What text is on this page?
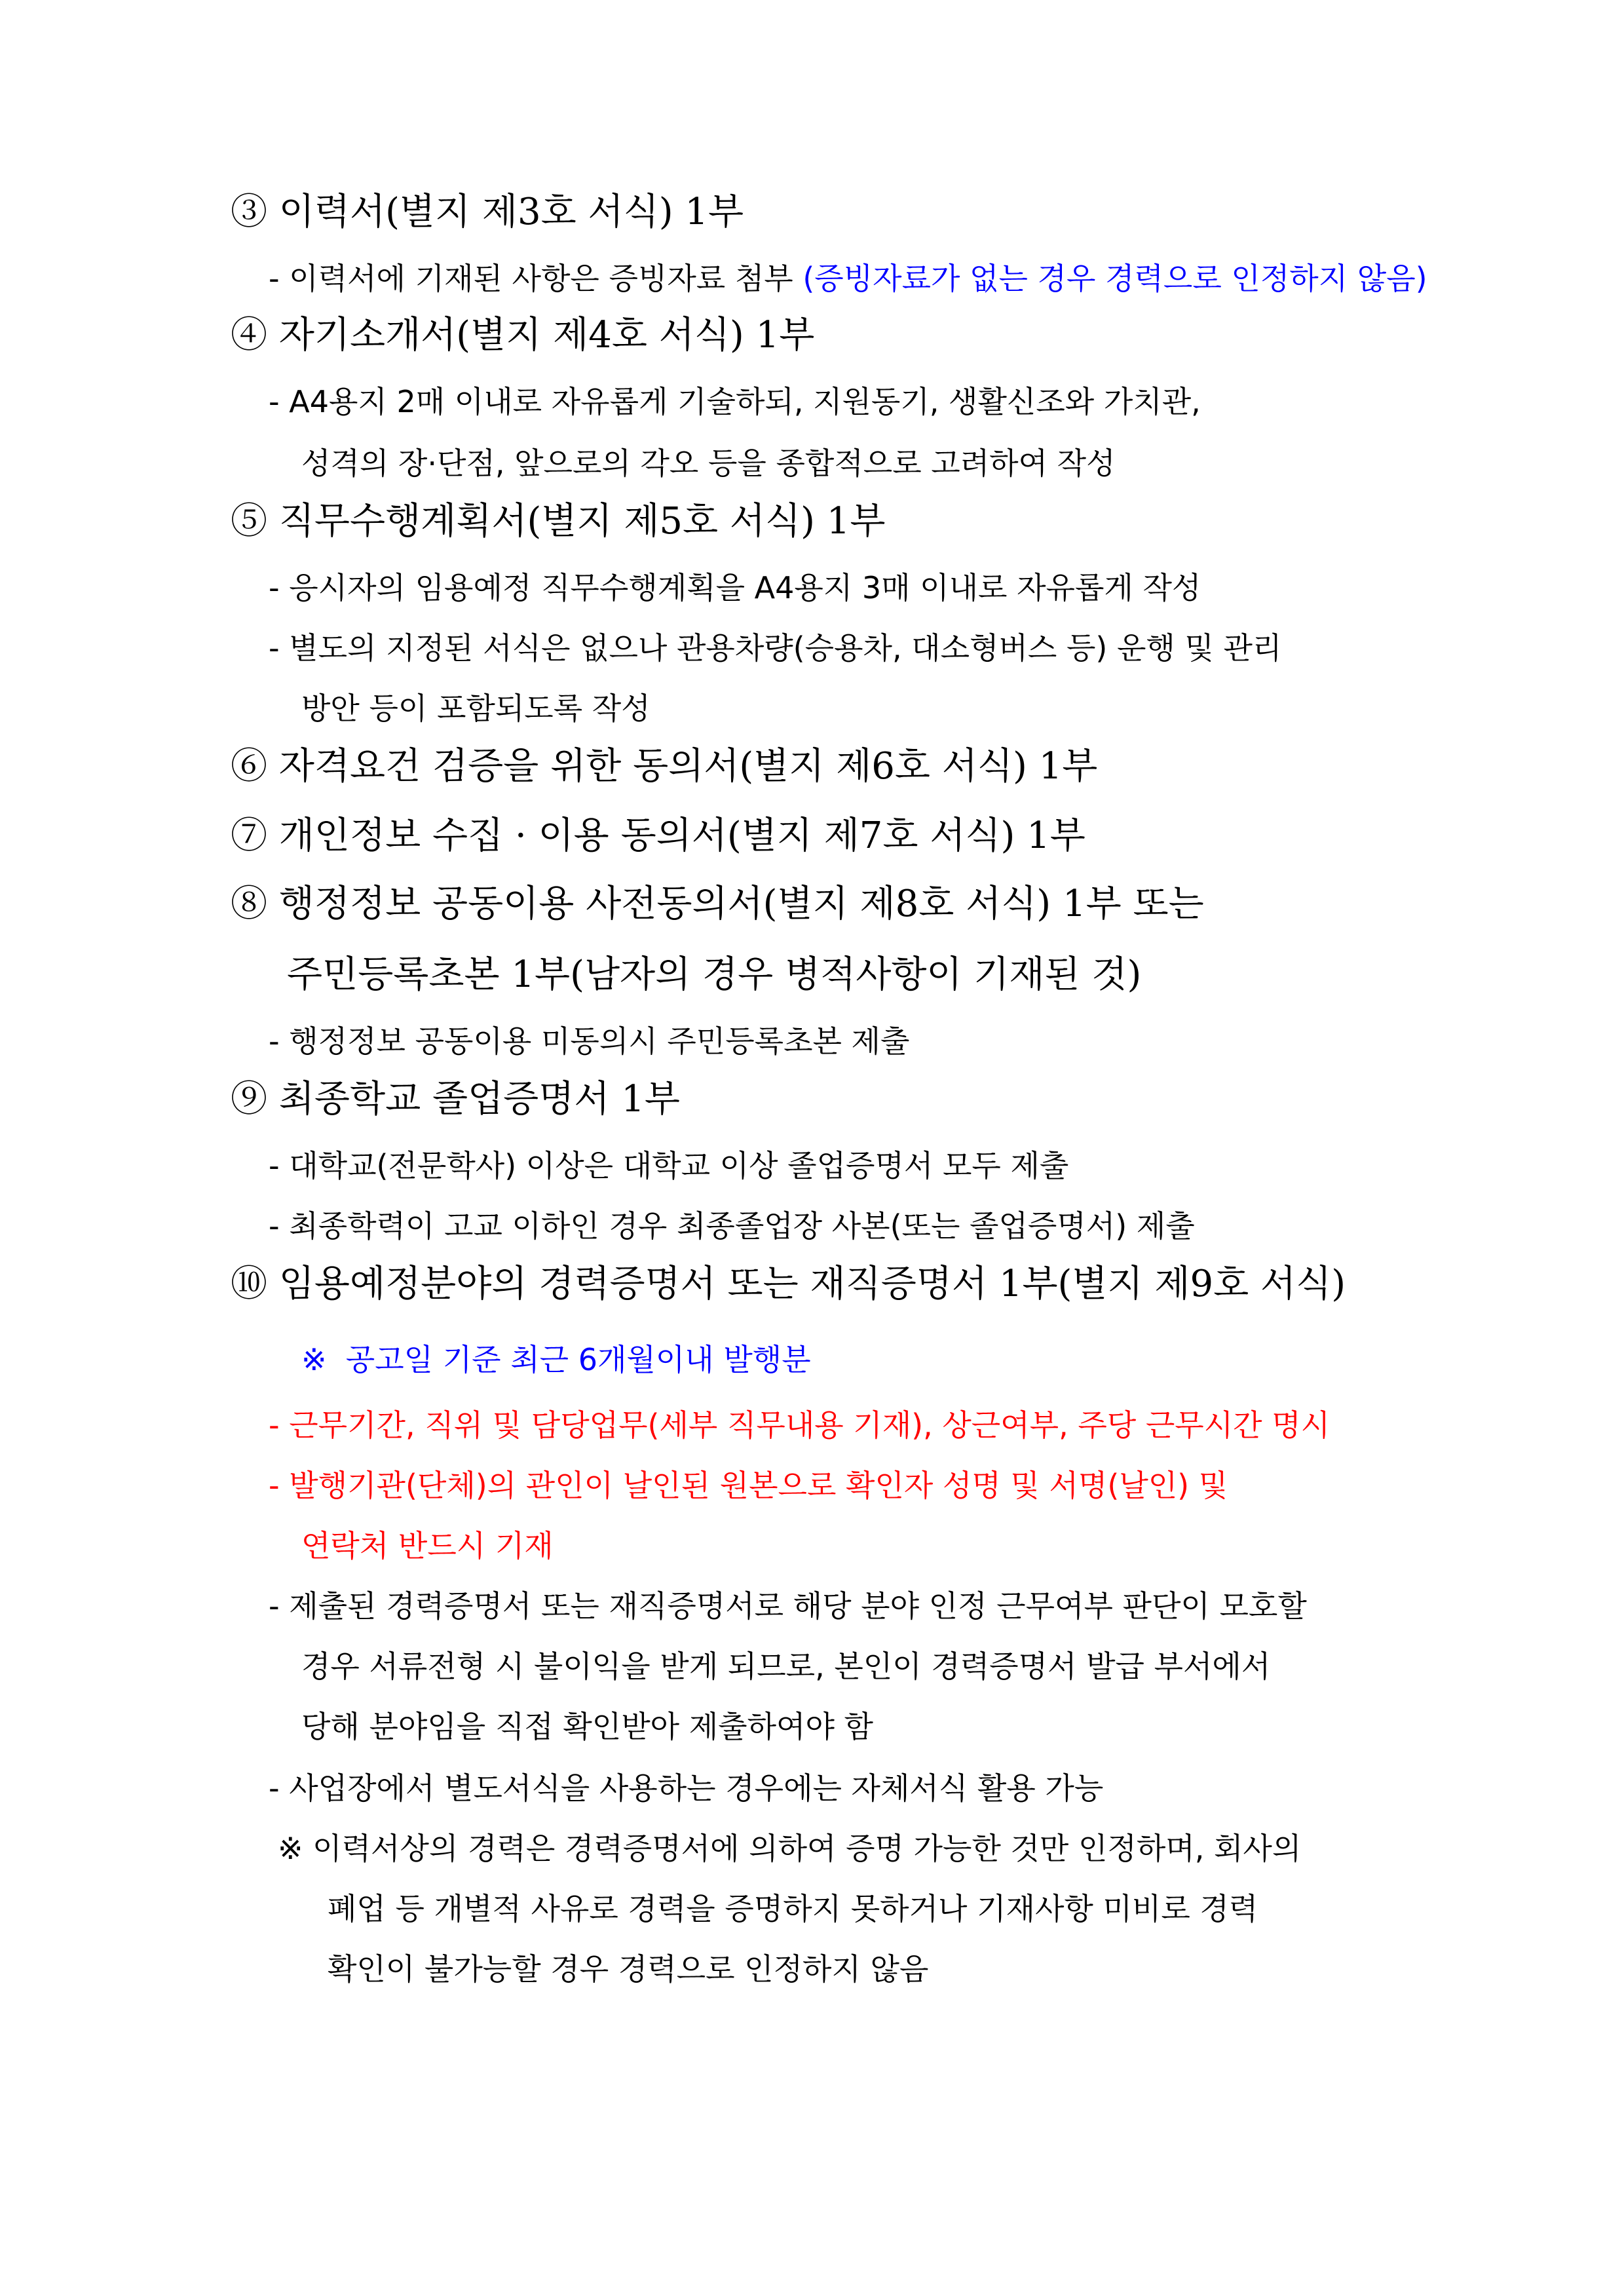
③ 이력서(별지 제3호 서식) 1부
- 이력서에 기재된 사항은 증빙자료 첨부 (증빙자료가 없는 경우 경력으로 인정하지 않음)
④ 자기소개서(별지 제4호 서식) 1부
- A4용지 2매 이내로 자유롭게 기술하되, 지원동기, 생활신조와 가치관,
성격의 장·단점, 앞으로의 각오 등을 종합적으로 고려하여 작성
⑤ 직무수행계획서(별지 제5호 서식) 1부
- 응시자의 임용예정 직무수행계획을 A4용지 3매 이내로 자유롭게 작성
- 별도의 지정된 서식은 없으나 관용차량(승용차, 대소형버스 등) 운행 및 관리
방안 등이 포함되도록 작성
⑥ 자격요건 검증을 위한 동의서(별지 제6호 서식) 1부
⑦ 개인정보 수집 · 이용 동의서(별지 제7호 서식) 1부
⑧ 행정정보 공동이용 사전동의서(별지 제8호 서식) 1부 또는
주민등록초본 1부(남자의 경우 병적사항이 기재된 것)
- 행정정보 공동이용 미동의시 주민등록초본 제출
⑨ 최종학교 졸업증명서 1부
- 대학교(전문학사) 이상은 대학교 이상 졸업증명서 모두 제출
- 최종학력이 고교 이하인 경우 최종졸업장 사본(또는 졸업증명서) 제출
⑩ 임용예정분야의 경력증명서 또는 재직증명서 1부(별지 제9호 서식)
※  공고일 기준 최근 6개월이내 발행분
- 근무기간, 직위 및 담당업무(세부 직무내용 기재), 상근여부, 주당 근무시간 명시
- 발행기관(단체)의 관인이 날인된 원본으로 확인자 성명 및 서명(날인) 및
연락처 반드시 기재
- 제출된 경력증명서 또는 재직증명서로 해당 분야 인정 근무여부 판단이 모호할
경우 서류전형 시 불이익을 받게 되므로, 본인이 경력증명서 발급 부서에서
당해 분야임을 직접 확인받아 제출하여야 함
- 사업장에서 별도서식을 사용하는 경우에는 자체서식 활용 가능
※ 이력서상의 경력은 경력증명서에 의하여 증명 가능한 것만 인정하며, 회사의
폐업 등 개별적 사유로 경력을 증명하지 못하거나 기재사항 미비로 경력
확인이 불가능할 경우 경력으로 인정하지 않음
